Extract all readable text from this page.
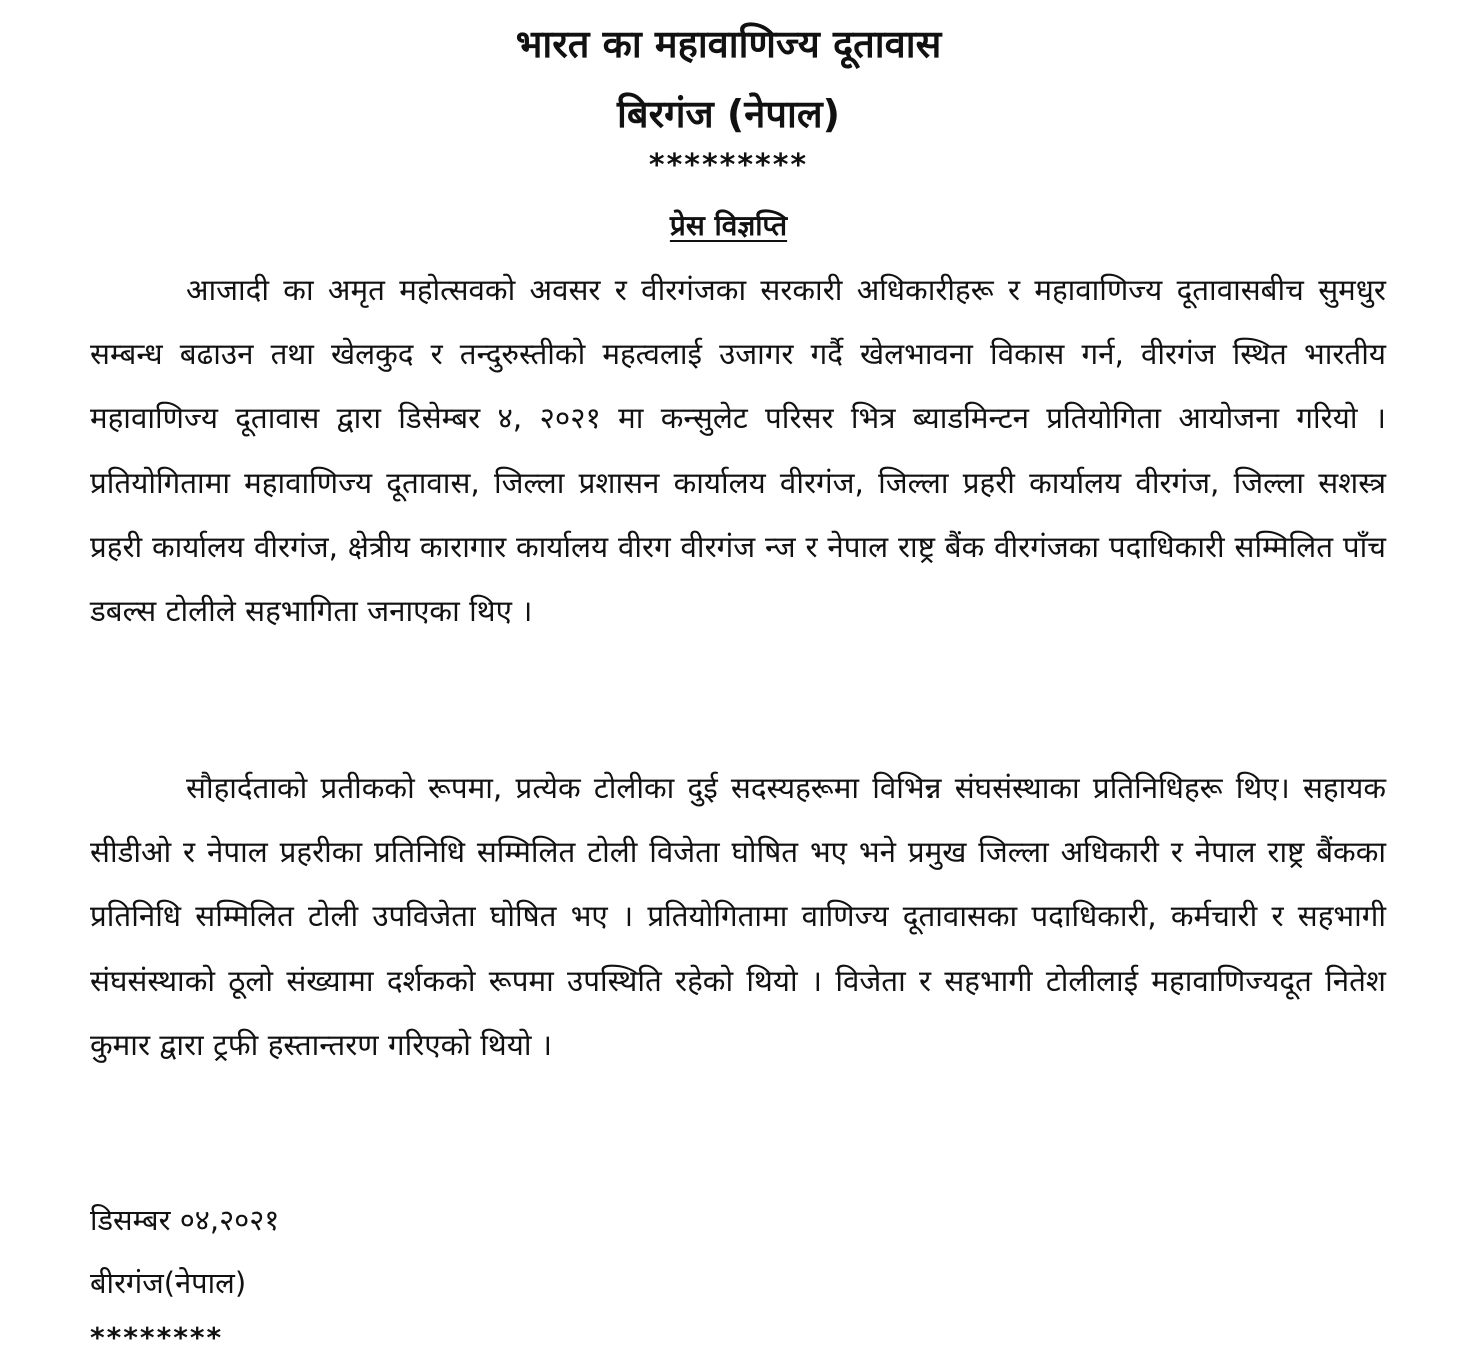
भारत का महावाणिज्य दूतावास
बिरगंज (नेपाल)
*********
प्रेस विज्ञप्ति

आजादी का अमृत महोत्सवको अवसर र वीरगंजका सरकारी अधिकारीहरू र महावाणिज्य दूतावासबीच सुमधुर सम्बन्ध बढाउन तथा खेलकुद र तन्दुरुस्तीको महत्वलाई उजागर गर्दै खेलभावना विकास गर्न, वीरगंज स्थित भारतीय महावाणिज्य दूतावास द्वारा डिसेम्बर ४, २०२१ मा कन्सुलेट परिसर भित्र ब्याडमिन्टन प्रतियोगिता आयोजना गरियो । प्रतियोगितामा महावाणिज्य दूतावास, जिल्ला प्रशासन कार्यालय वीरगंज, जिल्ला प्रहरी कार्यालय वीरगंज, जिल्ला सशस्त्र प्रहरी कार्यालय वीरगंज, क्षेत्रीय कारागार कार्यालय वीरग वीरगंज न्ज र नेपाल राष्ट्र बैंक वीरगंजका पदाधिकारी सम्मिलित पाँच डबल्स टोलीले सहभागिता जनाएका थिए ।

सौहार्दताको प्रतीकको रूपमा, प्रत्येक टोलीका दुई सदस्यहरूमा विभिन्न संघसंस्थाका प्रतिनिधिहरू थिए। सहायक सीडीओ र नेपाल प्रहरीका प्रतिनिधि सम्मिलित टोली विजेता घोषित भए भने प्रमुख जिल्ला अधिकारी र नेपाल राष्ट्र बैंकका प्रतिनिधि सम्मिलित टोली उपविजेता घोषित भए । प्रतियोगितामा वाणिज्य दूतावासका पदाधिकारी, कर्मचारी र सहभागी संघसंस्थाको ठूलो संख्यामा दर्शकको रूपमा उपस्थिति रहेको थियो । विजेता र सहभागी टोलीलाई महावाणिज्यदूत नितेश कुमार द्वारा ट्रफी हस्तान्तरण गरिएको थियो ।

डिसम्बर ०४,२०२१
बीरगंज(नेपाल)
********
